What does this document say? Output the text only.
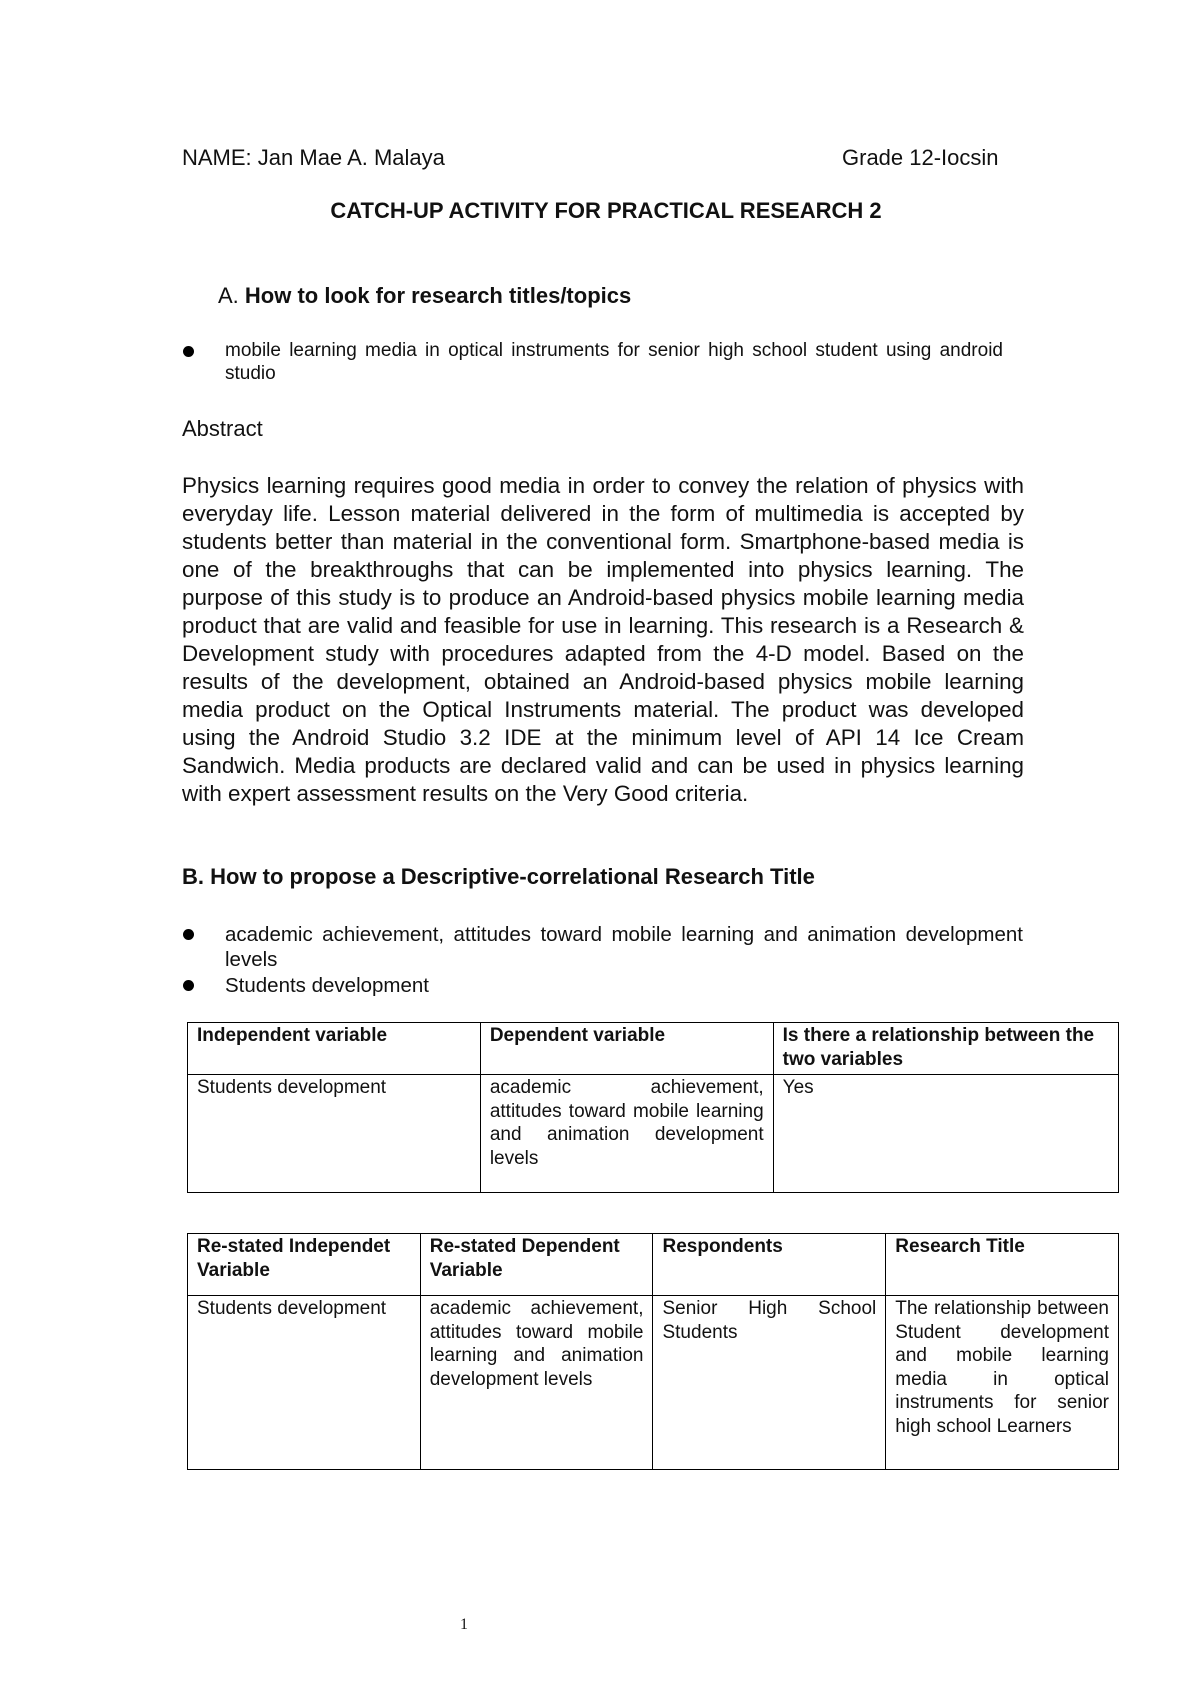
NAME: Jan Mae A. Malaya	Grade 12-Iocsin
CATCH-UP ACTIVITY FOR PRACTICAL RESEARCH 2
A. How to look for research titles/topics
mobile learning media in optical instruments for senior high school student using android studio
Abstract
Physics learning requires good media in order to convey the relation of physics with everyday life. Lesson material delivered in the form of multimedia is accepted by students better than material in the conventional form. Smartphone-based media is one of the breakthroughs that can be implemented into physics learning. The purpose of this study is to produce an Android-based physics mobile learning media product that are valid and feasible for use in learning. This research is a Research & Development study with procedures adapted from the 4-D model. Based on the results of the development, obtained an Android-based physics mobile learning media product on the Optical Instruments material. The product was developed using the Android Studio 3.2 IDE at the minimum level of API 14 Ice Cream Sandwich. Media products are declared valid and can be used in physics learning with expert assessment results on the Very Good criteria.
B. How to propose a Descriptive-correlational Research Title
academic achievement, attitudes toward mobile learning and animation development levels
Students development
Independent variable	Dependent variable	Is there a relationship between the two variables
Students development	academic achievement, attitudes toward mobile learning and animation development levels	Yes
Re-stated Independet Variable	Re-stated Dependent Variable	Respondents	Research Title
Students development	academic achievement, attitudes toward mobile learning and animation development levels	Senior High School Students	The relationship between Student development and mobile learning media in optical instruments for senior high school Learners
1
